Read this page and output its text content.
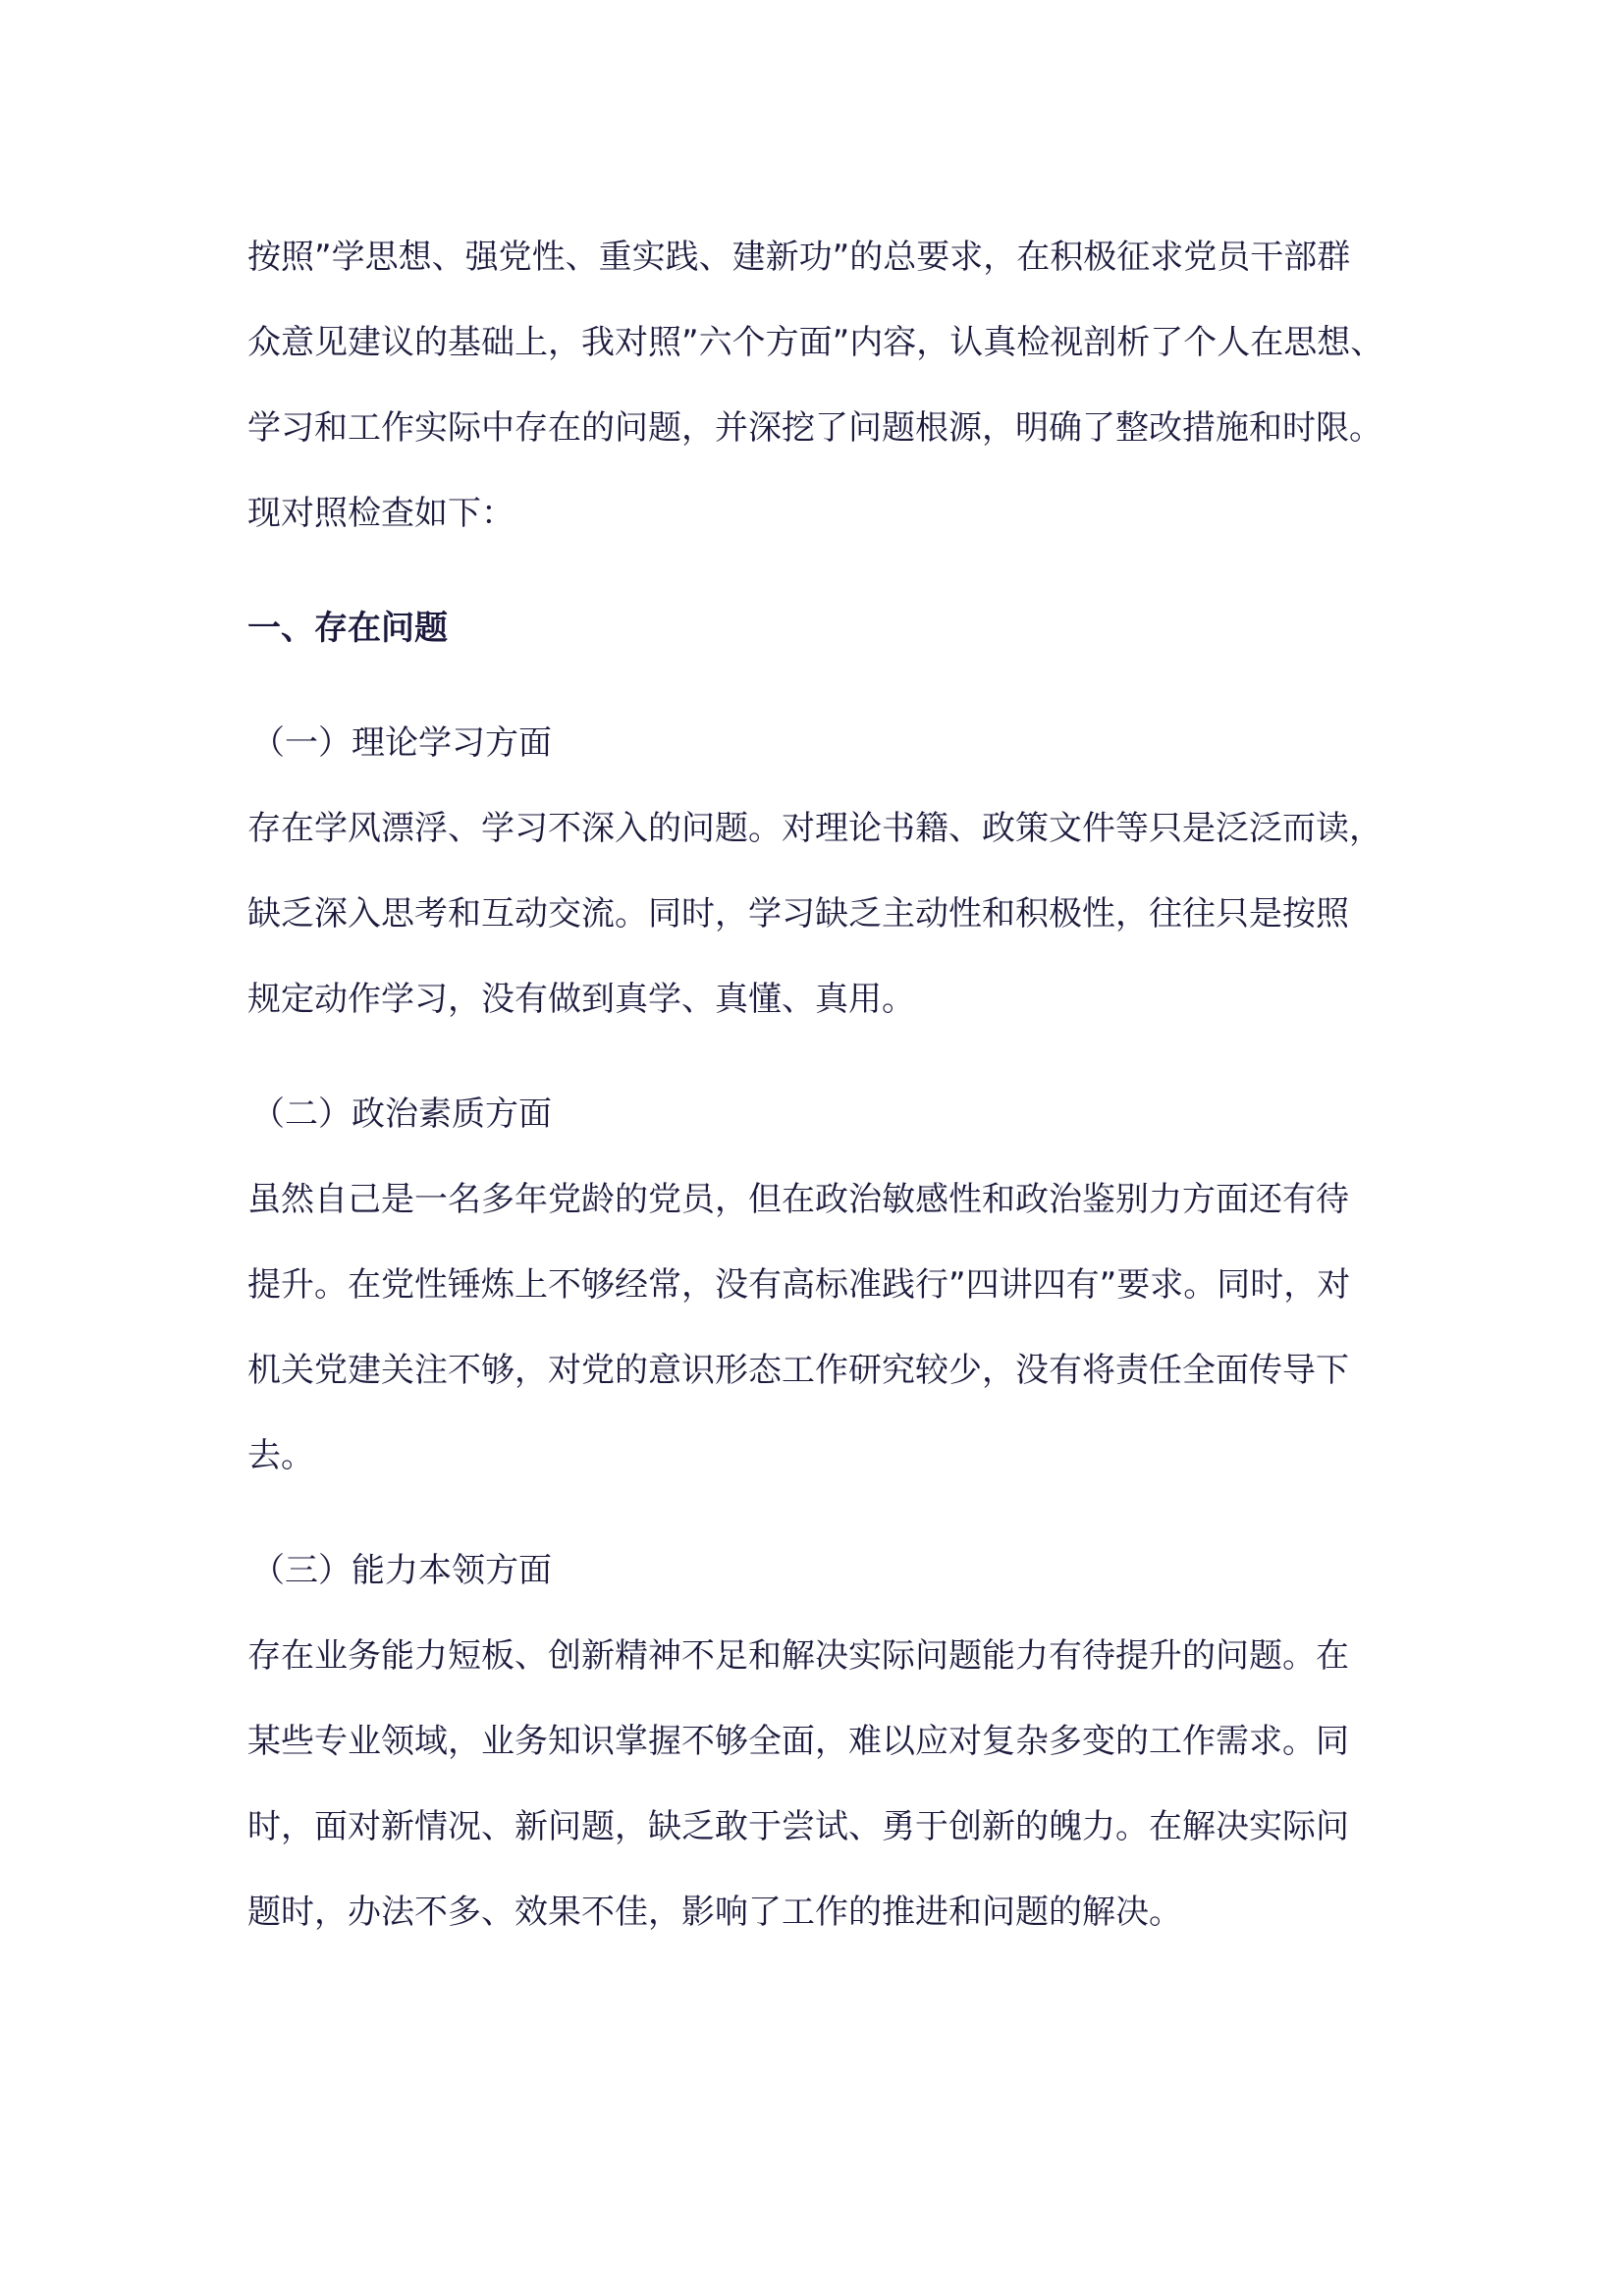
按照”学思想、强党性、重实践、建新功”的总要求，在积极征求党员干部群
众意见建议的基础上，我对照”六个方面”内容，认真检视剖析了个人在思想、
学习和工作实际中存在的问题，并深挖了问题根源，明确了整改措施和时限。
现对照检查如下：
一、存在问题
（一）理论学习方面
存在学风漂浮、学习不深入的问题。对理论书籍、政策文件等只是泛泛而读，
缺乏深入思考和互动交流。同时，学习缺乏主动性和积极性，往往只是按照
规定动作学习，没有做到真学、真懂、真用。
（二）政治素质方面
虽然自己是一名多年党龄的党员，但在政治敏感性和政治鉴别力方面还有待
提升。在党性锤炼上不够经常，没有高标准践行”四讲四有”要求。同时，对
机关党建关注不够，对党的意识形态工作研究较少，没有将责任全面传导下
去。
（三）能力本领方面
存在业务能力短板、创新精神不足和解决实际问题能力有待提升的问题。在
某些专业领域，业务知识掌握不够全面，难以应对复杂多变的工作需求。同
时，面对新情况、新问题，缺乏敢于尝试、勇于创新的魄力。在解决实际问
题时，办法不多、效果不佳，影响了工作的推进和问题的解决。
